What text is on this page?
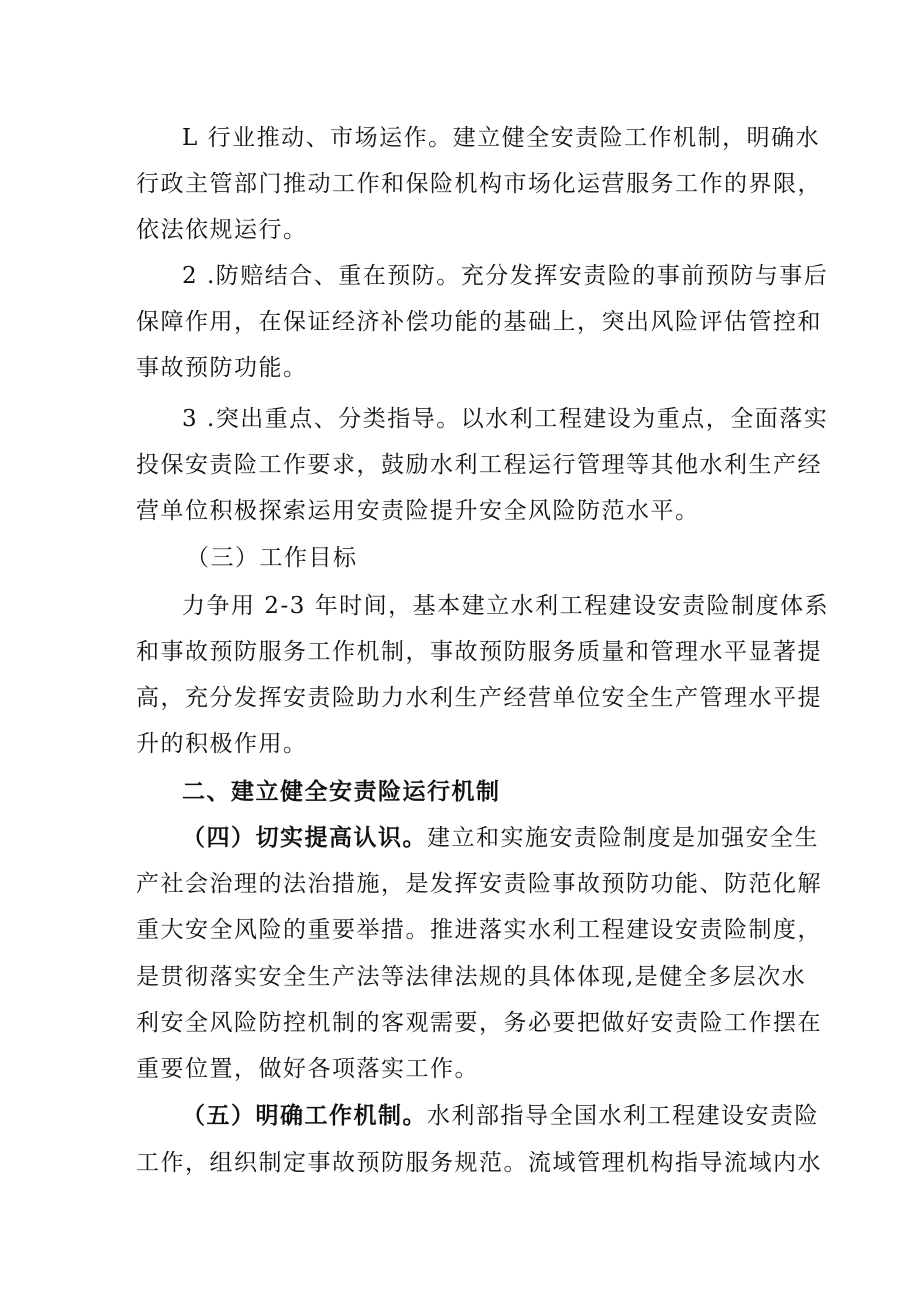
L 行业推动、市场运作。建立健全安责险工作机制，明确水
行政主管部门推动工作和保险机构市场化运营服务工作的界限，
依法依规运行。
2 .防赔结合、重在预防。充分发挥安责险的事前预防与事后
保障作用，在保证经济补偿功能的基础上，突出风险评估管控和
事故预防功能。
3 .突出重点、分类指导。以水利工程建设为重点，全面落实
投保安责险工作要求，鼓励水利工程运行管理等其他水利生产经
营单位积极探索运用安责险提升安全风险防范水平。
（三）工作目标
力争用 2-3 年时间，基本建立水利工程建设安责险制度体系
和事故预防服务工作机制，事故预防服务质量和管理水平显著提
高，充分发挥安责险助力水利生产经营单位安全生产管理水平提
升的积极作用。
二、建立健全安责险运行机制
（四）切实提高认识。建立和实施安责险制度是加强安全生
产社会治理的法治措施，是发挥安责险事故预防功能、防范化解
重大安全风险的重要举措。推进落实水利工程建设安责险制度，
是贯彻落实安全生产法等法律法规的具体体现,是健全多层次水
利安全风险防控机制的客观需要，务必要把做好安责险工作摆在
重要位置，做好各项落实工作。
（五）明确工作机制。水利部指导全国水利工程建设安责险
工作，组织制定事故预防服务规范。流域管理机构指导流域内水
